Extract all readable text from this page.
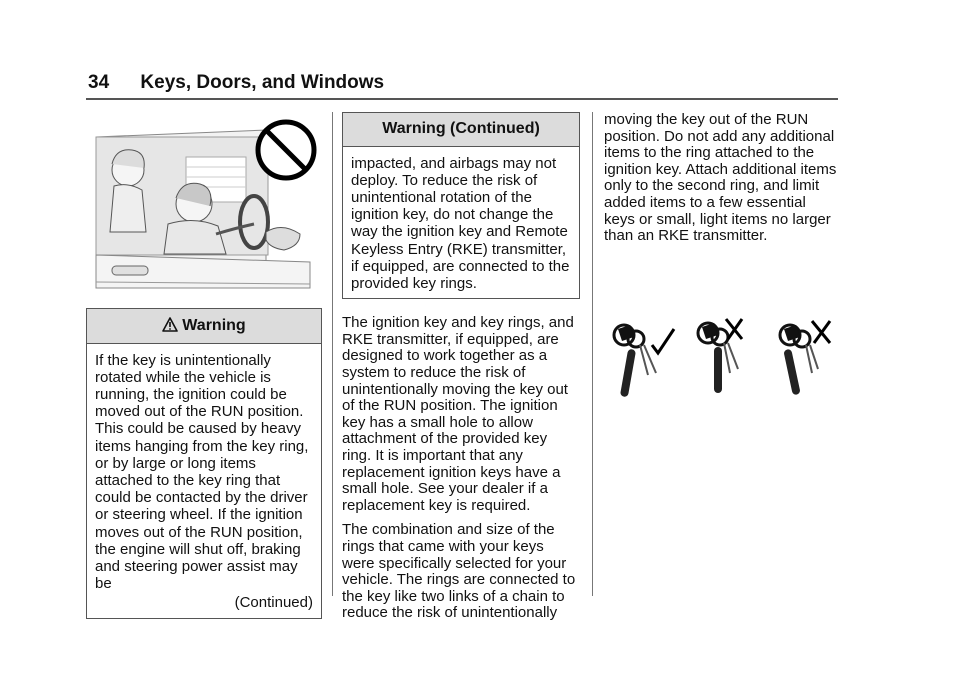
34 Keys, Doors, and Windows
Warning
If the key is unintentionally rotated while the vehicle is running, the ignition could be moved out of the RUN position. This could be caused by heavy items hanging from the key ring, or by large or long items attached to the key ring that could be contacted by the driver or steering wheel. If the ignition moves out of the RUN position, the engine will shut off, braking and steering power assist may be
(Continued)
Warning (Continued)
impacted, and airbags may not deploy. To reduce the risk of unintentional rotation of the ignition key, do not change the way the ignition key and Remote Keyless Entry (RKE) transmitter, if equipped, are connected to the provided key rings.

The ignition key and key rings, and RKE transmitter, if equipped, are designed to work together as a system to reduce the risk of unintentionally moving the key out of the RUN position. The ignition key has a small hole to allow attachment of the provided key ring. It is important that any replacement ignition keys have a small hole. See your dealer if a replacement key is required.

The combination and size of the rings that came with your keys were specifically selected for your vehicle. The rings are connected to the key like two links of a chain to reduce the risk of unintentionally

moving the key out of the RUN position. Do not add any additional items to the ring attached to the ignition key. Attach additional items only to the second ring, and limit added items to a few essential keys or small, light items no larger than an RKE transmitter.
